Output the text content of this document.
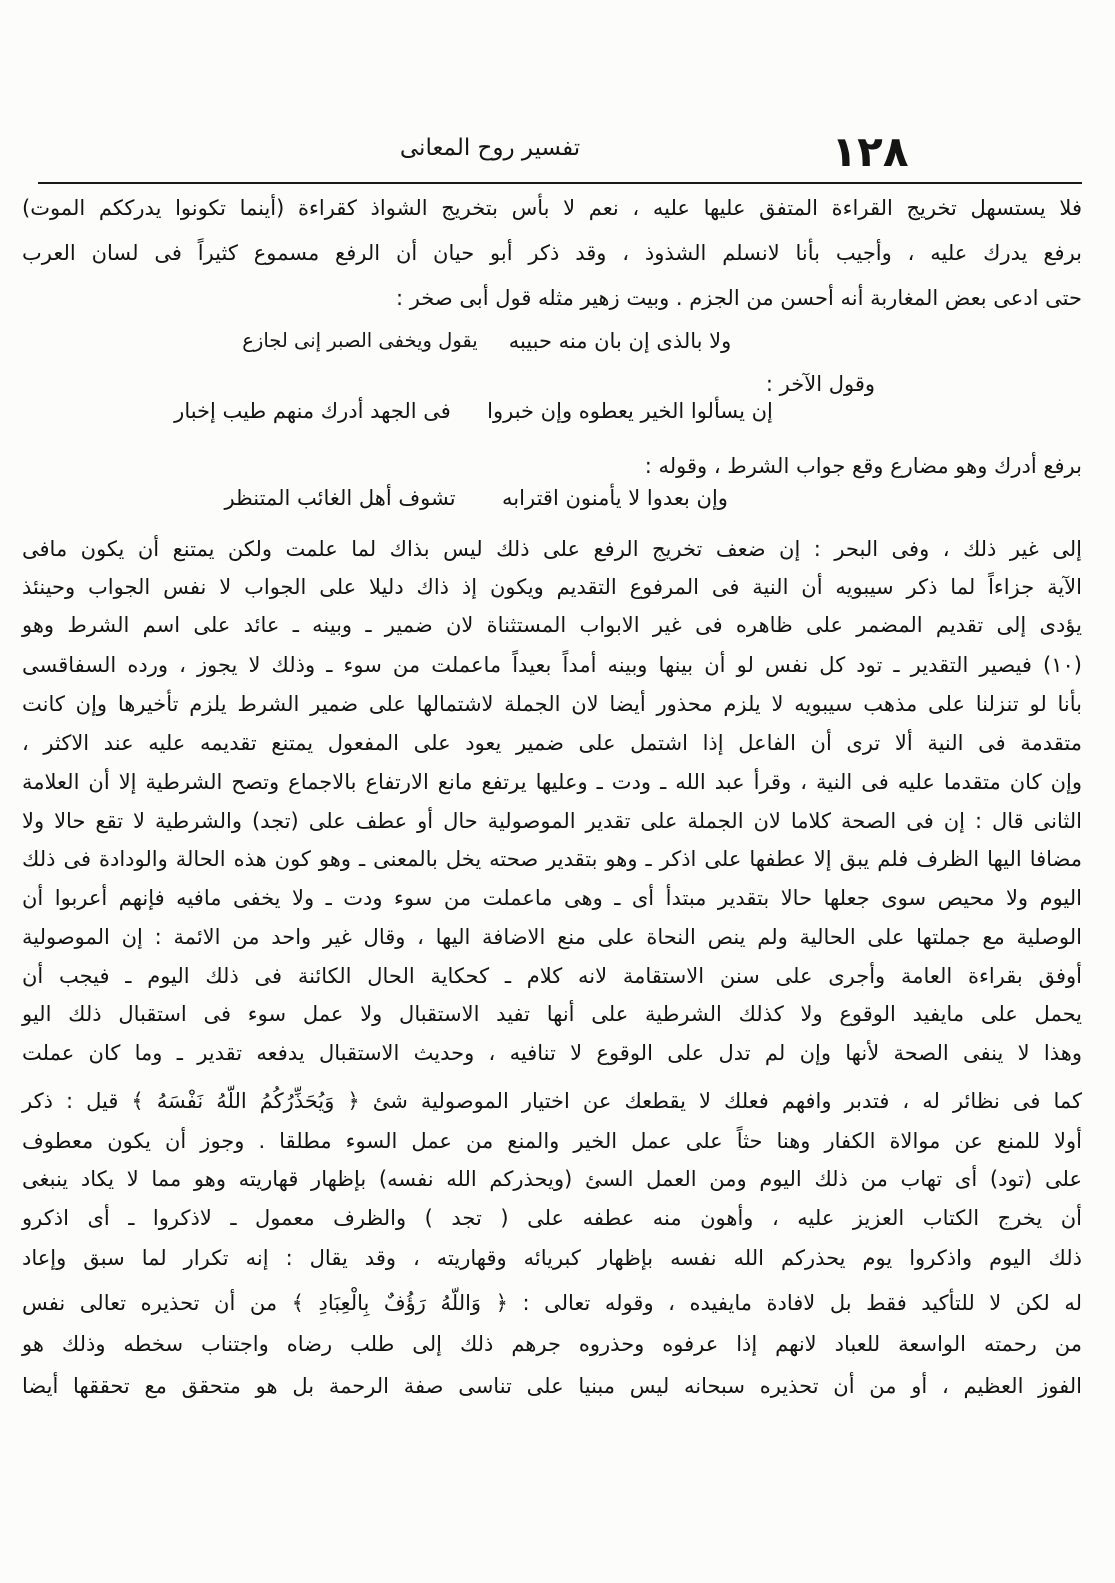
١٢٨
تفسير روح المعانى
فلا يستسهل تخريج القراءة المتفق عليها عليه ، نعم لا بأس بتخريج الشواذ كقراءة (أينما تكونوا يدرككم الموت)
برفع يدرك عليه ، وأجيب بأنا لانسلم الشذوذ ، وقد ذكر أبو حيان أن الرفع مسموع كثيراً فى لسان العرب
حتى ادعى بعض المغاربة أنه أحسن من الجزم . وبيت زهير مثله قول أبى صخر :
ولا بالذى إن بان منه حبيبه
يقول ويخفى الصبر إنى لجازع
وقول الآخر :
إن يسألوا الخير يعطوه وإن خبروا
فى الجهد أدرك منهم طيب إخبار
برفع أدرك وهو مضارع وقع جواب الشرط ، وقوله :
وإن بعدوا لا يأمنون اقترابه
تشوف أهل الغائب المتنظر
إلى غير ذلك ، وفى البحر : إن ضعف تخريج الرفع على ذلك ليس بذاك لما علمت ولكن يمتنع أن يكون مافى
الآية جزاءاً لما ذكر سيبويه أن النية فى المرفوع التقديم ويكون إذ ذاك دليلا على الجواب لا نفس الجواب وحينئذ
يؤدى إلى تقديم المضمر على ظاهره فى غير الابواب المستثناة لان ضمير ـ وبينه ـ عائد على اسم الشرط وهو
(١٠) فيصير التقدير ـ تود كل نفس لو أن بينها وبينه أمداً بعيداً ماعملت من سوء ـ وذلك لا يجوز ، ورده السفاقسى
بأنا لو تنزلنا على مذهب سيبويه لا يلزم محذور أيضا لان الجملة لاشتمالها على ضمير الشرط يلزم تأخيرها وإن كانت
متقدمة فى النية ألا ترى أن الفاعل إذا اشتمل على ضمير يعود على المفعول يمتنع تقديمه عليه عند الاكثر ،
وإن كان متقدما عليه فى النية ، وقرأ عبد الله ـ ودت ـ وعليها يرتفع مانع الارتفاع بالاجماع وتصح الشرطية إلا أن العلامة
الثانى قال : إن فى الصحة كلاما لان الجملة على تقدير الموصولية حال أو عطف على (تجد) والشرطية لا تقع حالا ولا
مضافا اليها الظرف فلم يبق إلا عطفها على اذكر ـ وهو بتقدير صحته يخل بالمعنى ـ وهو كون هذه الحالة والودادة فى ذلك
اليوم ولا محيص سوى جعلها حالا بتقدير مبتدأ أى ـ وهى ماعملت من سوء ودت ـ ولا يخفى مافيه فإنهم أعربوا أن
الوصلية مع جملتها على الحالية ولم ينص النحاة على منع الاضافة اليها ، وقال غير واحد من الائمة : إن الموصولية
أوفق بقراءة العامة وأجرى على سنن الاستقامة لانه كلام ـ كحكاية الحال الكائنة فى ذلك اليوم ـ فيجب أن
يحمل على مايفيد الوقوع ولا كذلك الشرطية على أنها تفيد الاستقبال ولا عمل سوء فى استقبال ذلك اليو
وهذا لا ينفى الصحة لأنها وإن لم تدل على الوقوع لا تنافيه ، وحديث الاستقبال يدفعه تقدير ـ وما كان عملت
كما فى نظائر له ، فتدبر وافهم فعلك لا يقطعك عن اختيار الموصولية شئ ﴿ وَيُحَذِّرُكُمُ اللَّهُ نَفْسَهُ ﴾ قيل : ذكر
أولا للمنع عن موالاة الكفار وهنا حثاً على عمل الخير والمنع من عمل السوء مطلقا . وجوز أن يكون معطوف
على (تود) أى تهاب من ذلك اليوم ومن العمل السئ (ويحذركم الله نفسه) بإظهار قهاريته وهو مما لا يكاد ينبغى
أن يخرج الكتاب العزيز عليه ، وأهون منه عطفه على ( تجد ) والظرف معمول ـ لاذكروا ـ أى اذكرو
ذلك اليوم واذكروا يوم يحذركم الله نفسه بإظهار كبريائه وقهاريته ، وقد يقال : إنه تكرار لما سبق وإعاد
له لكن لا للتأكيد فقط بل لافادة مايفيده ، وقوله تعالى : ﴿ وَاللَّهُ رَؤُفٌ بِالْعِبَادِ ﴾ من أن تحذيره تعالى نفس
من رحمته الواسعة للعباد لانهم إذا عرفوه وحذروه جرهم ذلك إلى طلب رضاه واجتناب سخطه وذلك هو
الفوز العظيم ، أو من أن تحذيره سبحانه ليس مبنيا على تناسى صفة الرحمة بل هو متحقق مع تحققها أيضا
